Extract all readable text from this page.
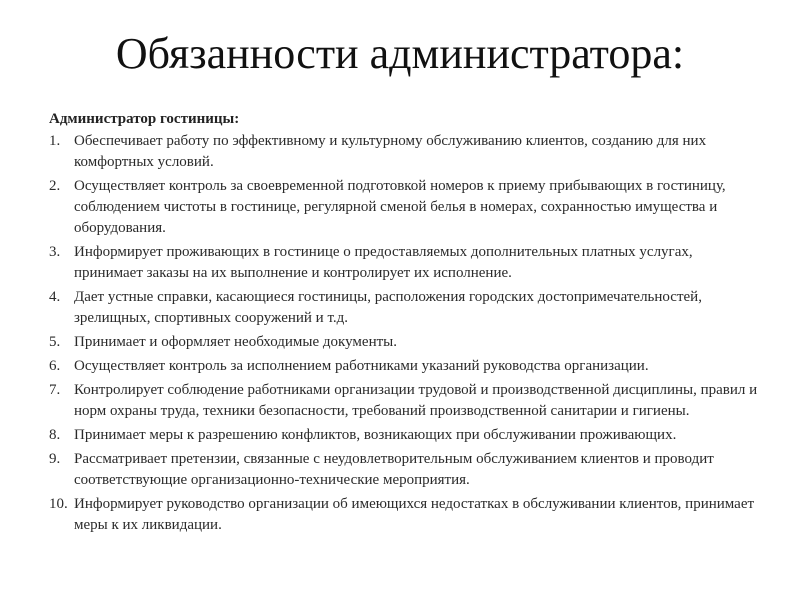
Обязанности администратора:

Администратор гостиницы:

1. Обеспечивает работу по эффективному и культурному обслуживанию клиентов, созданию для них комфортных условий.
2. Осуществляет контроль за своевременной подготовкой номеров к приему прибывающих в гостиницу, соблюдением чистоты в гостинице, регулярной сменой белья в номерах, сохранностью имущества и оборудования.
3. Информирует проживающих в гостинице о предоставляемых дополнительных платных услугах, принимает заказы на их выполнение и контролирует их исполнение.
4. Дает устные справки, касающиеся гостиницы, расположения городских достопримечательностей, зрелищных, спортивных сооружений и т.д.
5. Принимает и оформляет необходимые документы.
6. Осуществляет контроль за исполнением работниками указаний руководства организации.
7. Контролирует соблюдение работниками организации трудовой и производственной дисциплины, правил и норм охраны труда, техники безопасности, требований производственной санитарии и гигиены.
8. Принимает меры к разрешению конфликтов, возникающих при обслуживании проживающих.
9. Рассматривает претензии, связанные с неудовлетворительным обслуживанием клиентов и проводит соответствующие организационно-технические мероприятия.
10. Информирует руководство организации об имеющихся недостатках в обслуживании клиентов, принимает меры к их ликвидации.
